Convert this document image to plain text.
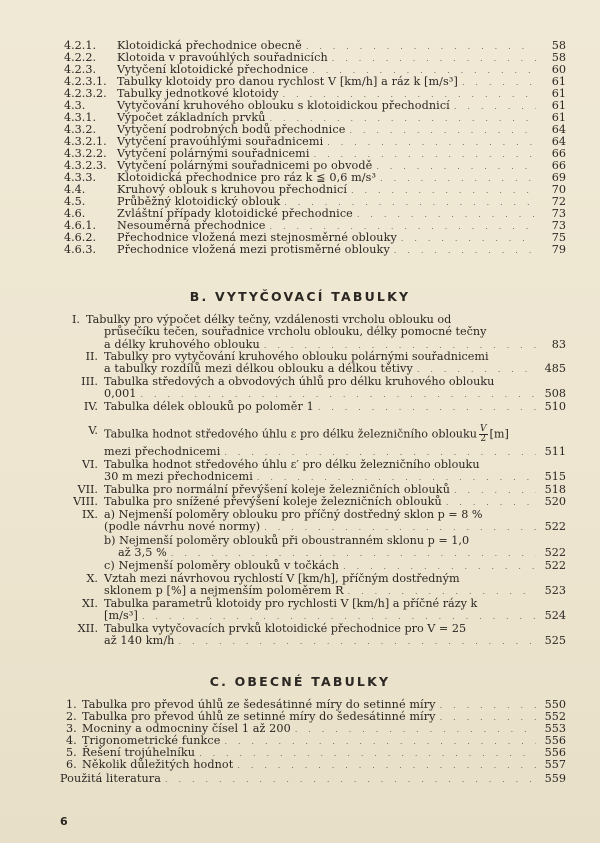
4.2.1.	Klotoidická přechodnice obecně . . .	58
4.2.2.	Klotoida v pravoúhlých souřadnicích . . .	58
4.2.3.	Vytyčení klotoidické přechodnice . . .	60
4.2.3.1. Tabulky klotoidy pro danou rychlost V [km/h] a ráz k [m/s³] . . .	61
4.2.3.2. Tabulky jednotkové klotoidy . . .	61
4.3.	Vytyčování kruhového oblouku s klotoidickou přechodnicí . . .	61
4.3.1.	Výpočet základních prvků . . .	61
4.3.2.	Vytyčení podrobných bodů přechodnice . . .	64
4.3.2.1. Vytyčení pravoúhlými souřadnicemi . . .	64
4.3.2.2. Vytyčení polárnými souřadnicemi . . .	66
4.3.2.3. Vytyčení polárnými souřadnicemi po obvodě . . .	66
4.3.3.	Klotoidická přechodnice pro ráz k ≦ 0,6 m/s³ . . .	69
4.4.	Kruhový oblouk s kruhovou přechodnicí . . .	70
4.5.	Průběžný klotoidický oblouk . . .	72
4.6.	Zvláštní případy klotoidické přechodnice . . .	73
4.6.1.	Nesouměrná přechodnice . . .	73
4.6.2.	Přechodnice vložená mezi stejnosměrné oblouky . . .	75
4.6.3.	Přechodnice vložená mezi protisměrné oblouky . . .	79
B. VYTYČOVACÍ TABULKY
I. Tabulky pro výpočet délky tečny, vzdálenosti vrcholu oblouku od
průsečíku tečen, souřadnice vrcholu oblouku, délky pomocné tečny
a délky kruhového oblouku . . .	83
II. Tabulky pro vytyčování kruhového oblouku polárnými souřadnicemi
a tabulky rozdílů mezi délkou oblouku a délkou tětivy . . .	485
III. Tabulka středových a obvodových úhlů pro délku kruhového oblouku
0,001 . . .	508
IV. Tabulka délek oblouků po poloměr 1 . . .	510
V. Tabulka hodnot středového úhlu ε pro délku železničního oblouku $\frac{V}{2} [m]$
mezi přechodnicemi . . .	511
VI. Tabulka hodnot středového úhlu ε′ pro délku železničního oblouku
30 m mezi přechodnicemi . . .	515
VII. Tabulka pro normální převýšení koleje železničních oblouků . . .	518
VIII. Tabulka pro snížené převýšení koleje železničních oblouků . . .	520
IX. a) Nejmenší poloměry oblouku pro příčný dostředný sklon p = 8 %
(podle návrhu nové normy) . . .	522
b) Nejmenší poloměry oblouků při oboustranném sklonu p = 1,0
až 3,5 % . . .	522
c) Nejmenší poloměry oblouků v točkách . . .	522
X. Vztah mezi návrhovou rychlostí V [km/h], příčným dostředným
sklonem p [%] a nejmenším poloměrem R . . .	523
XI. Tabulka parametrů klotoidy pro rychlosti V [km/h] a příčné rázy k
[m/s³] . . .	524
XII. Tabulka vytyčovacích prvků klotoidické přechodnice pro V = 25
až 140 km/h . . .	525
C. OBECNÉ TABULKY
1. Tabulka pro převod úhlů ze šedesátinné míry do setinné míry . . .	550
2. Tabulka pro převod úhlů ze setinné míry do šedesátinné míry . . .	552
3. Mocniny a odmocniny čísel 1 až 200 . . .	553
4. Trigonometrické funkce . . .	556
5. Řešení trojúhelníku . . .	556
6. Několik důležitých hodnot . . .	557
Použitá literatura . . .	559
6
